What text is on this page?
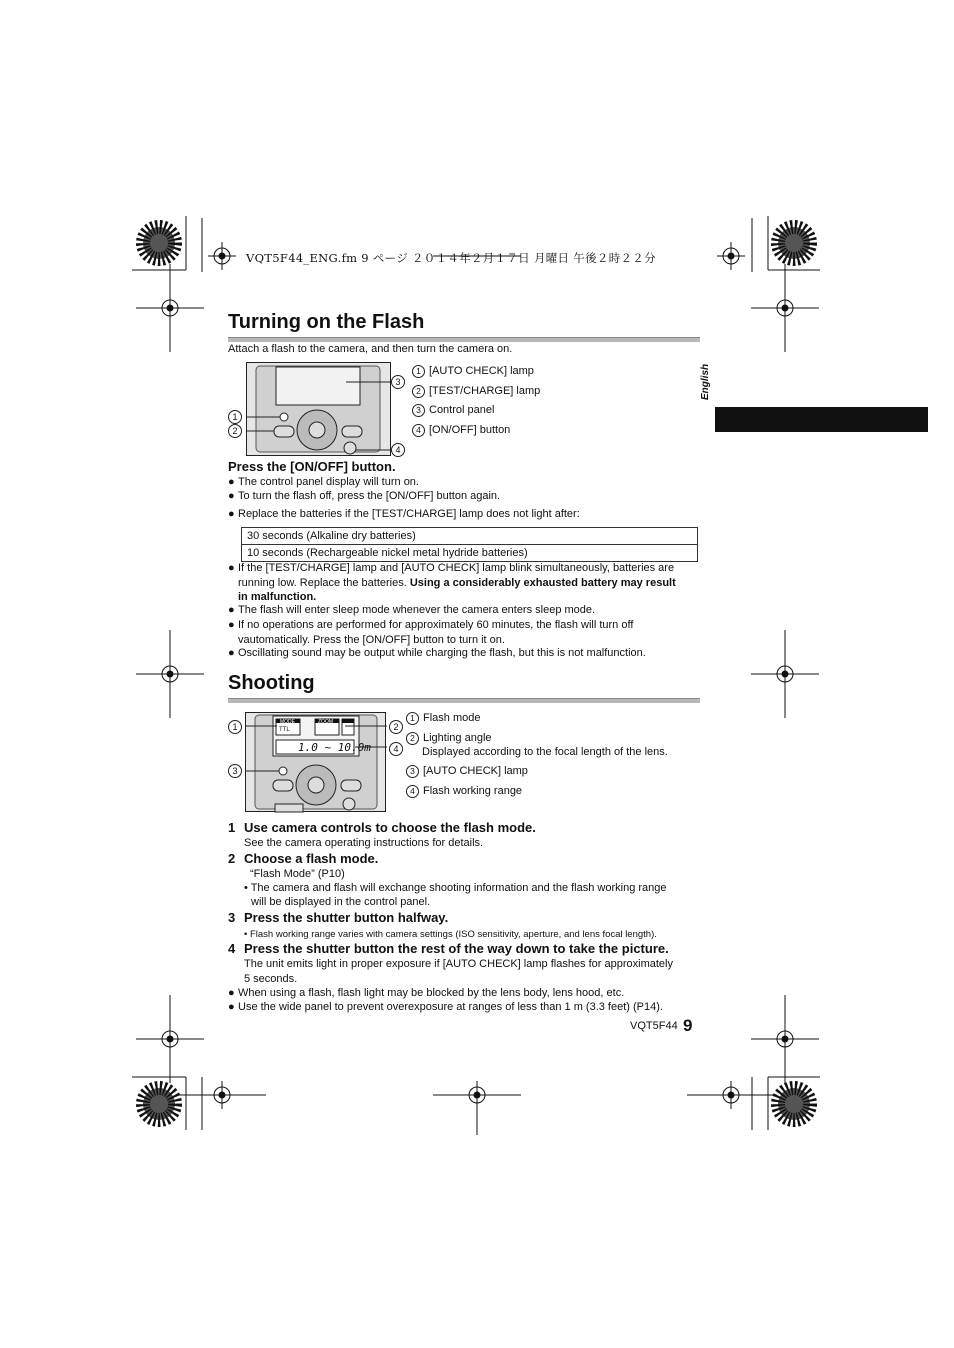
VQT5F44_ENG.fm 9 ページ ２０１４年２月１７日 月曜日 午後２時２２分
English
Turning on the Flash
Attach a flash to the camera, and then turn the camera on.
1
2
3
4
1 [AUTO CHECK] lamp
2 [TEST/CHARGE] lamp
3 Control panel
4 [ON/OFF] button
Press the [ON/OFF] button.
● The control panel display will turn on.
● To turn the flash off, press the [ON/OFF] button again.
● Replace the batteries if the [TEST/CHARGE] lamp does not light after:
30 seconds (Alkaline dry batteries)
10 seconds (Rechargeable nickel metal hydride batteries)
● If the [TEST/CHARGE] lamp and [AUTO CHECK] lamp blink simultaneously, batteries are
running low. Replace the batteries. Using a considerably exhausted battery may result
in malfunction.
● The flash will enter sleep mode whenever the camera enters sleep mode.
● If no operations are performed for approximately 60 minutes, the flash will turn off
vautomatically. Press the [ON/OFF] button to turn it on.
● Oscillating sound may be output while charging the flash, but this is not malfunction.
Shooting
MODE	ZOOM
TTL
1.0 ~ 10.0m
1	2
3
4
1 Flash mode
2 Lighting angle
Displayed according to the focal length of the lens.
3 [AUTO CHECK] lamp
4 Flash working range
1 Use camera controls to choose the flash mode.
See the camera operating instructions for details.
2 Choose a flash mode.
“Flash Mode” (P10)
• The camera and flash will exchange shooting information and the flash working range
will be displayed in the control panel.
3 Press the shutter button halfway.
• Flash working range varies with camera settings (ISO sensitivity, aperture, and lens focal length).
4 Press the shutter button the rest of the way down to take the picture.
The unit emits light in proper exposure if [AUTO CHECK] lamp flashes for approximately
5 seconds.
● When using a flash, flash light may be blocked by the lens body, lens hood, etc.
● Use the wide panel to prevent overexposure at ranges of less than 1 m (3.3 feet) (P14).
VQT5F44 9
